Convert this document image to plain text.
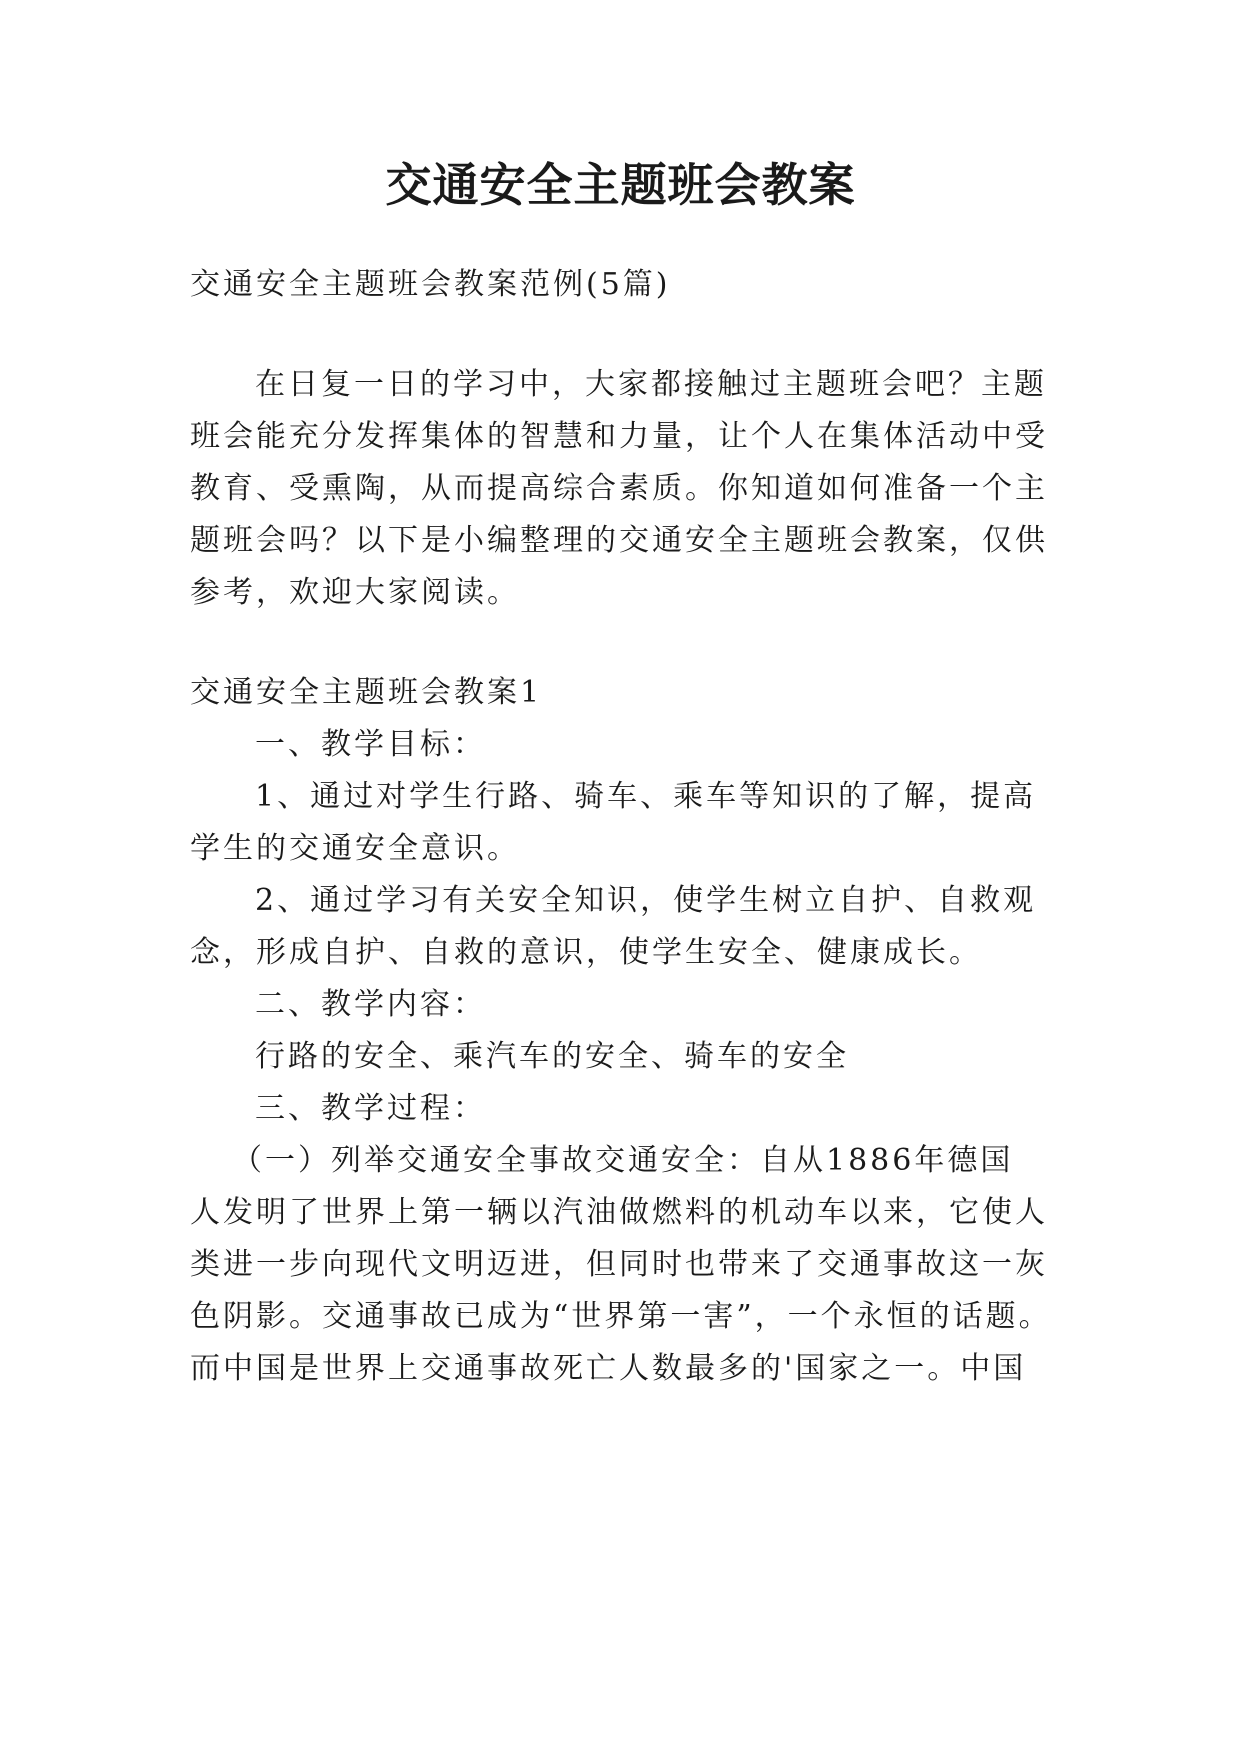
交通安全主题班会教案
交通安全主题班会教案范例(5篇)
在日复一日的学习中，大家都接触过主题班会吧？主题
班会能充分发挥集体的智慧和力量，让个人在集体活动中受
教育、受熏陶，从而提高综合素质。你知道如何准备一个主
题班会吗？以下是小编整理的交通安全主题班会教案，仅供
参考，欢迎大家阅读。
交通安全主题班会教案1
一、教学目标：
1、通过对学生行路、骑车、乘车等知识的了解，提高
学生的交通安全意识。
2、通过学习有关安全知识，使学生树立自护、自救观
念，形成自护、自救的意识，使学生安全、健康成长。
二、教学内容：
行路的安全、乘汽车的安全、骑车的安全
三、教学过程：
（一）列举交通安全事故交通安全：自从1886年德国
人发明了世界上第一辆以汽油做燃料的机动车以来，它使人
类进一步向现代文明迈进，但同时也带来了交通事故这一灰
色阴影。交通事故已成为“世界第一害”，一个永恒的话题。
而中国是世界上交通事故死亡人数最多的'国家之一。中国
